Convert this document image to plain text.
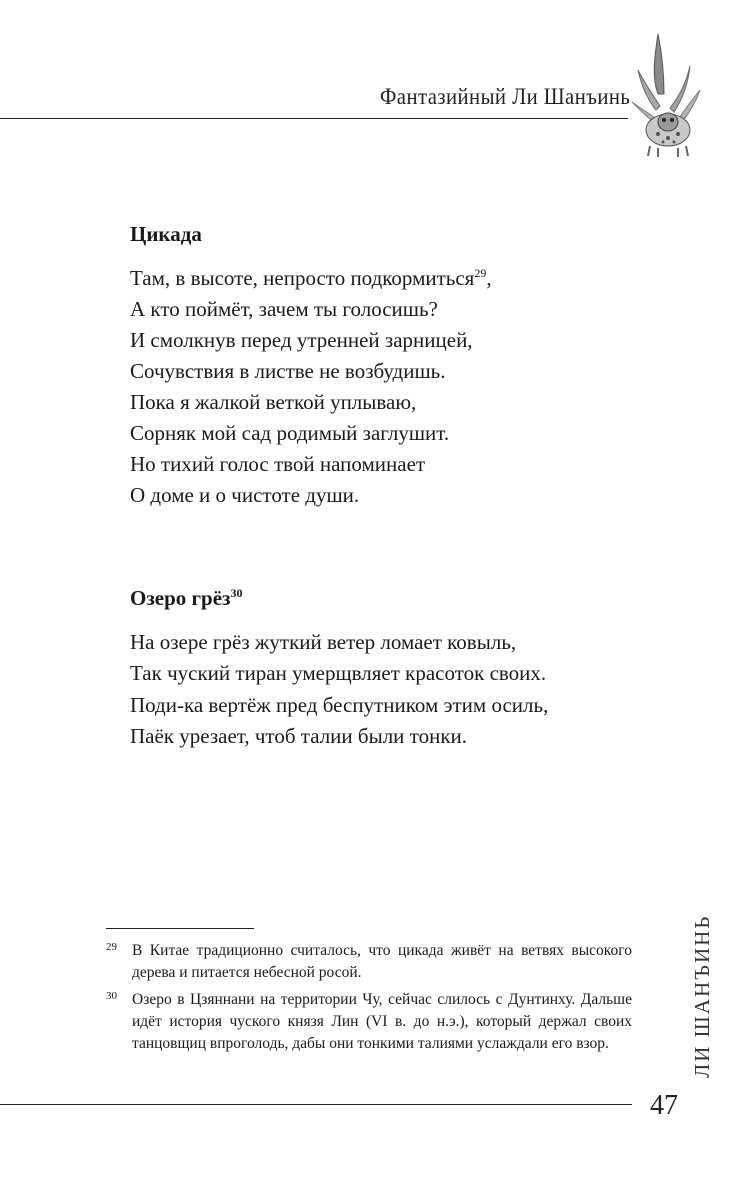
Фантазийный Ли Шанъинь
Цикада
Там, в высоте, непросто подкормиться$^{29}$,
А кто поймёт, зачем ты голосишь?
И смолкнув перед утренней зарницей,
Сочувствия в листве не возбудишь.
Пока я жалкой веткой уплываю,
Сорняк мой сад родимый заглушит.
Но тихий голос твой напоминает
О доме и о чистоте души.
Озеро грёз$^{30}$
На озере грёз жуткий ветер ломает ковыль,
Так чуский тиран умерщвляет красоток своих.
Поди-ка вертёж пред беспутником этим осиль,
Паёк урезает, чтоб талии были тонки.
29 В Китае традиционно считалось, что цикада живёт на ветвях высокого дерева и питается небесной росой.
30 Озеро в Цзяннани на территории Чу, сейчас слилось с Дунтинху. Дальше идёт история чуского князя Лин (VI в. до н.э.), который держал своих танцовщиц впроголодь, дабы они тонкими талиями услаждали его взор.	ЛИ ШАНЪИНЬ
47
